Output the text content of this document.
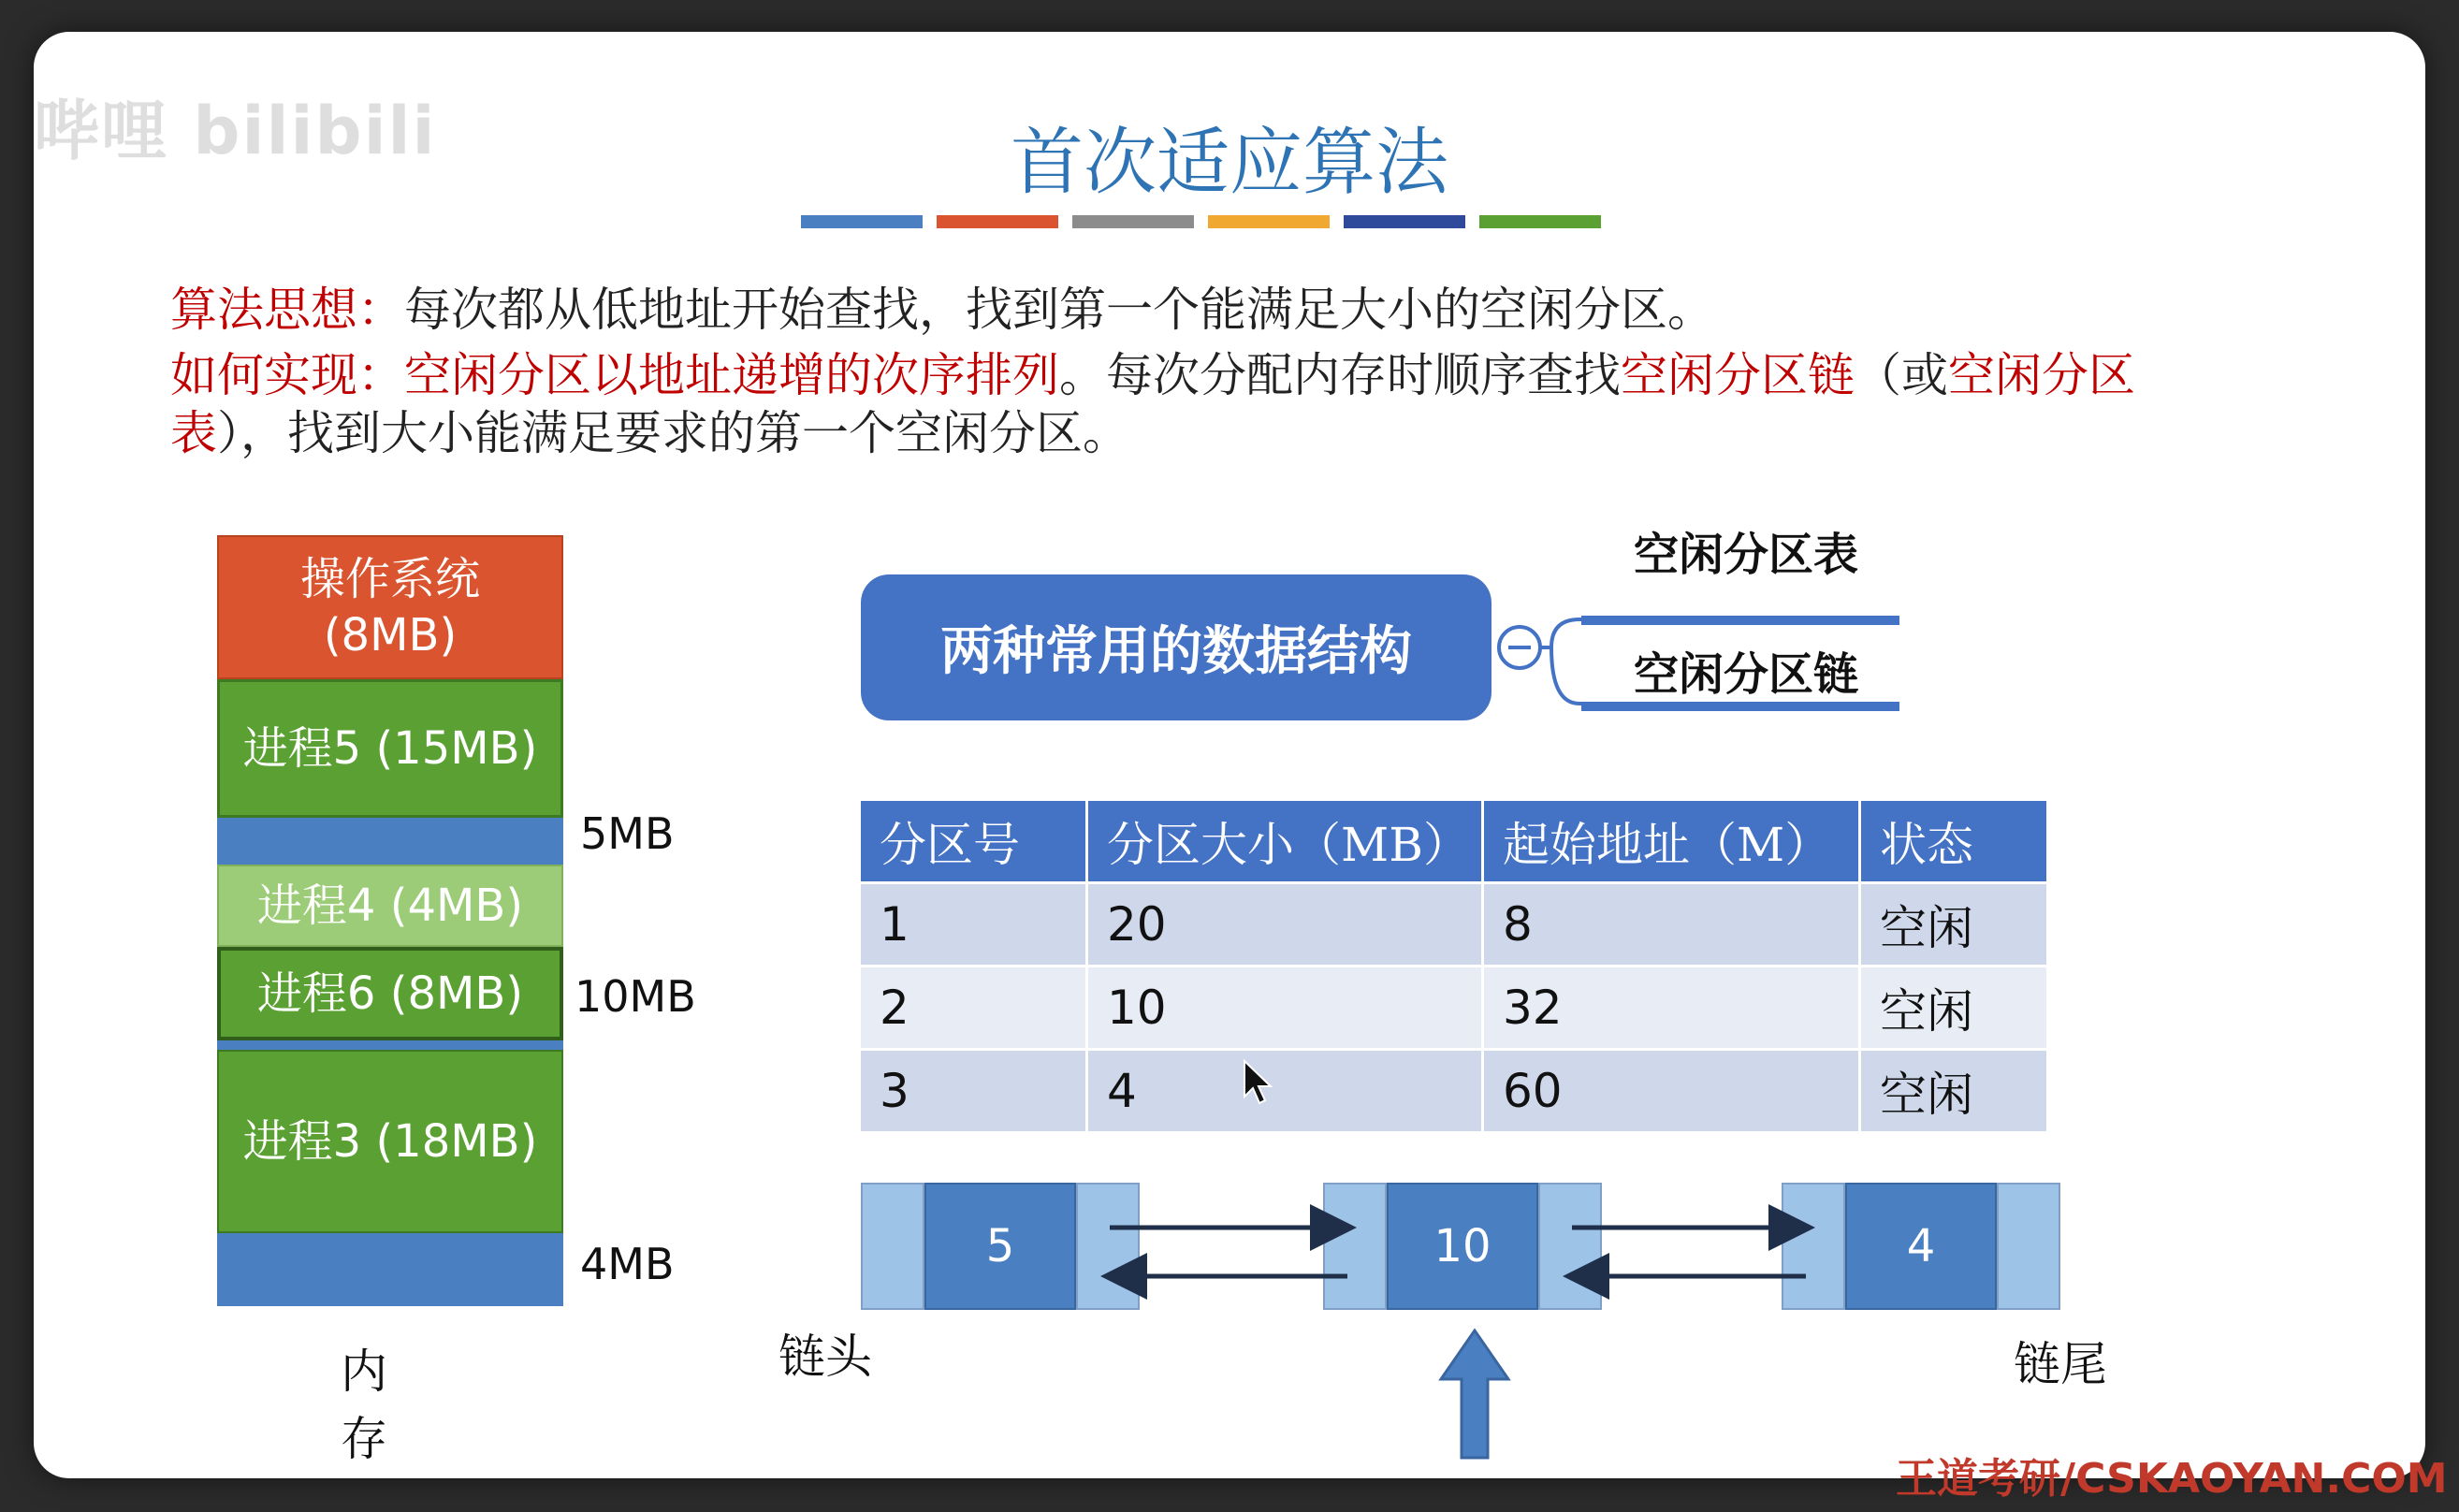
哔哩 bilibili	首次适应算法
算法思想：每次都从低地址开始查找，找到第一个能满足大小的空闲分区。
如何实现：空闲分区以地址递增的次序排列。每次分配内存时顺序查找空闲分区链（或空闲分区
表），找到大小能满足要求的第一个空闲分区。
操作系统
(8MB)
进程5 (15MB)
进程4 (4MB)
进程6 (8MB)
进程3 (18MB)
5MB
10MB
4MB
内存
两种常用的数据结构
空闲分区表
空闲分区链
分区号	分区大小（MB）	起始地址（M）	状态
1	20	8	空闲
2	10	32	空闲
3	4	60	空闲
5	10	4
链头	链尾
王道考研/CSKAOYAN.COM
